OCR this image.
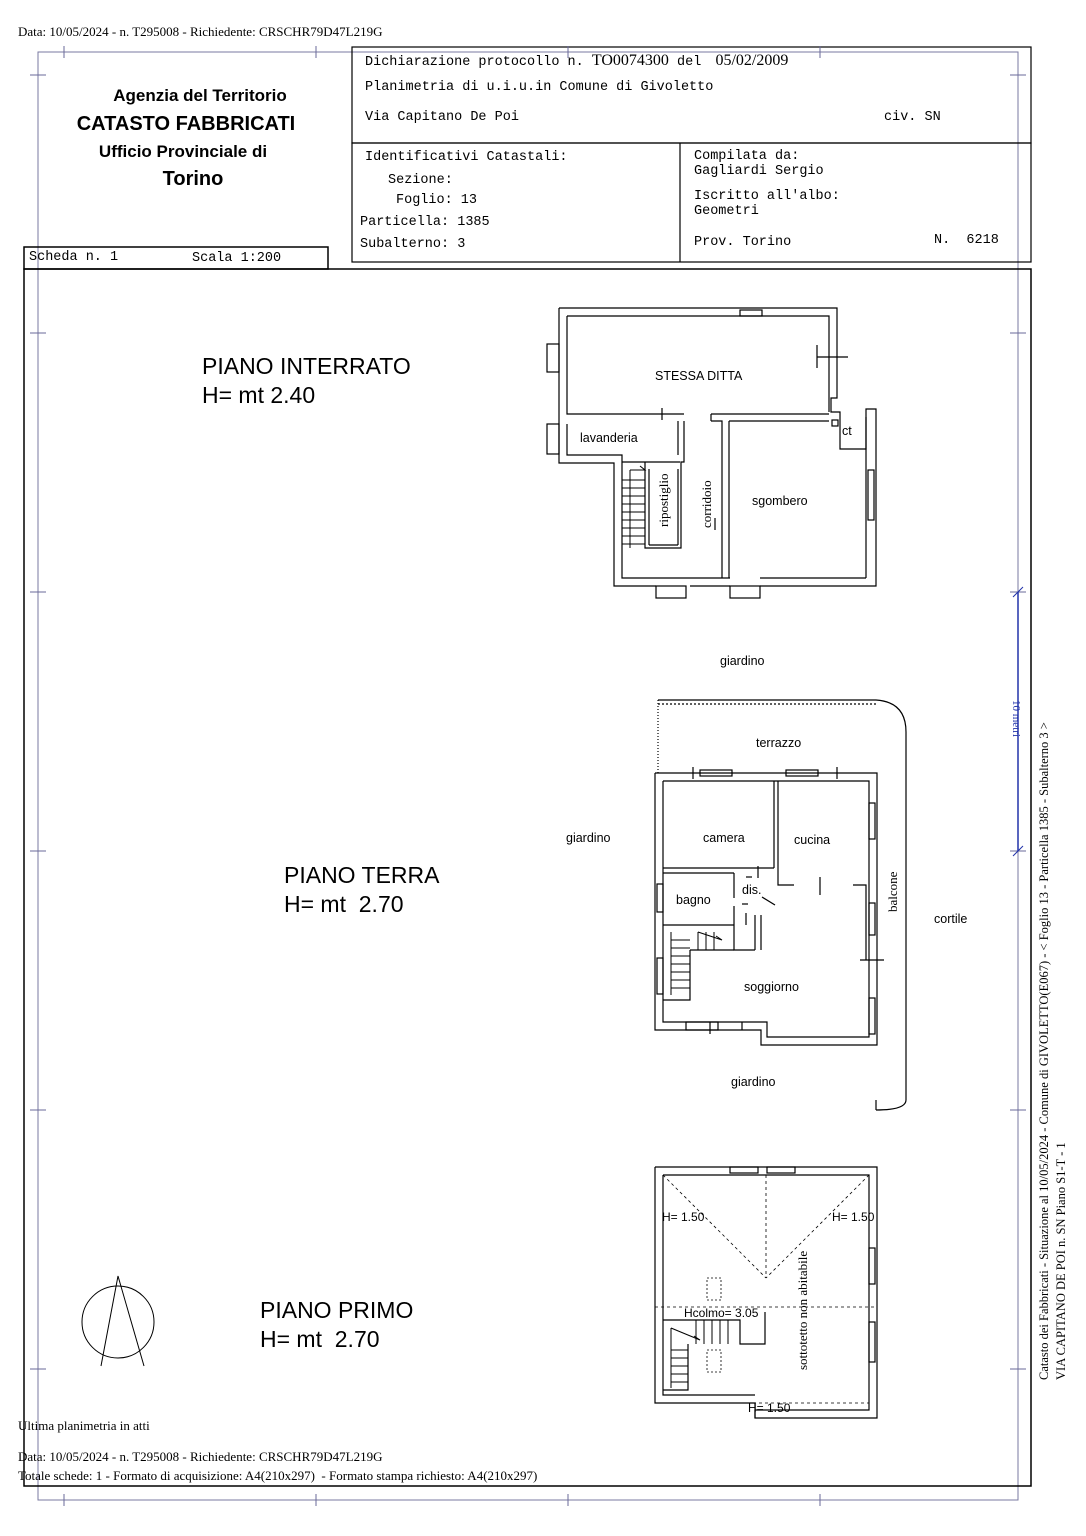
Data: 10/05/2024 - n. T295008 - Richiedente: CRSCHR79D47L219G
Agenzia del Territorio
CATASTO FABBRICATI
Ufficio Provinciale di
Torino
Dichiarazione protocollo n. TO0074300 del 05/02/2009
Planimetria di u.i.u.in Comune di Givoletto
Via Capitano De Poi	civ. SN
Identificativi Catastali:
Sezione:
Foglio: 13
Particella: 1385
Subalterno: 3
Compilata da:
Gagliardi Sergio
Iscritto all'albo:
Geometri
Prov. Torino	N.  6218
Scheda n. 1	Scala 1:200
PIANO INTERRATO
H= mt 2.40
PIANO TERRA
H= mt  2.70
PIANO PRIMO
H= mt  2.70
STESSA DITTA
lavanderia	ct
ripostiglio corridoio	sgombero
giardino
terrazzo
giardino	camera	cucina
bagno
dis.	balcone
cortile
soggiorno
giardino
H= 1.50	H= 1.50
Hcolmo= 3.05	sottotetto non abitabile
H= 1.50
10 metri
Catasto dei Fabbricati - Situazione al 10/05/2024 - Comune di GIVOLETTO(E067) - < Foglio 13 - Particella 1385 - Subalterno 3 > VIA CAPITANO DE POI n. SN Piano S1-T - 1
Ultima planimetria in atti
Data: 10/05/2024 - n. T295008 - Richiedente: CRSCHR79D47L219G
Totale schede: 1 - Formato di acquisizione: A4(210x297)  - Formato stampa richiesto: A4(210x297)
